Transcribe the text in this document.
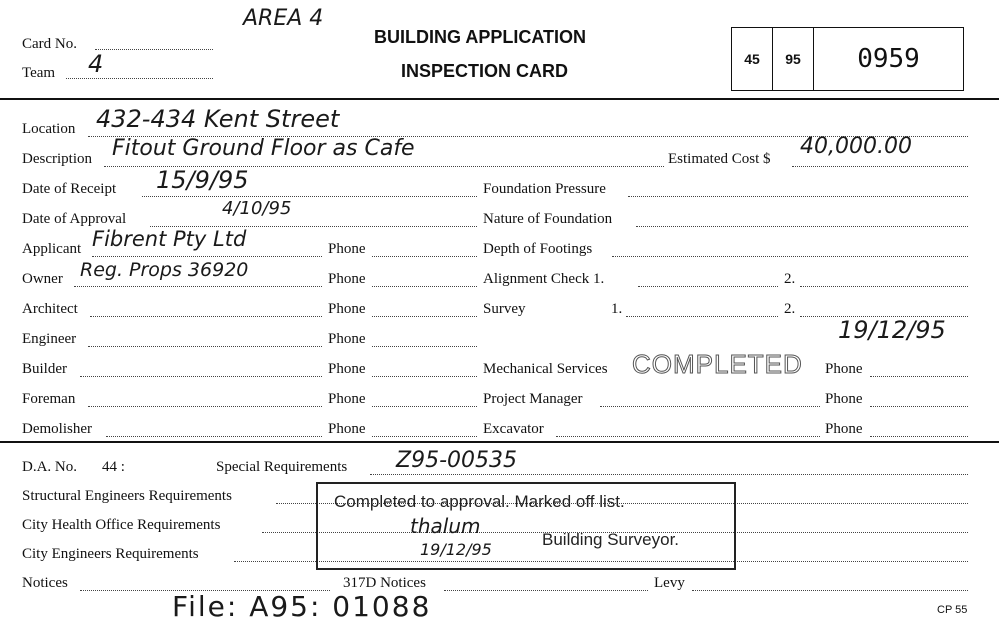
AREA 4
BUILDING APPLICATION
INSPECTION CARD
Card No.
Team 4	45	95	0959
Location 432-434 Kent Street
Description Fitout Ground Floor as Cafe	Estimated Cost $ 40,000.00
Date of Receipt 15/9/95
Date of Approval	4/10/95
Applicant Fibrent Pty Ltd	Phone
Owner Reg. Props 36920	Phone
Architect	Phone
Engineer	Phone
Builder	Phone
Foreman	Phone
Demolisher	Phone
Foundation Pressure
Nature of Foundation
Depth of Footings
Alignment Check 1.	2.
Survey	1.	2.
19/12/95
Mechanical Services COMPLETED Phone
Project Manager	Phone
Excavator	Phone
D.A. No. 44 :	Special Requirements Z95-00535
Structural Engineers Requirements
City Health Office Requirements
City Engineers Requirements
Notices	317D Notices	Levy
Completed to approval. Marked off list.
thalum
19/12/95
Building Surveyor.
File: A95: 01088	CP 55
